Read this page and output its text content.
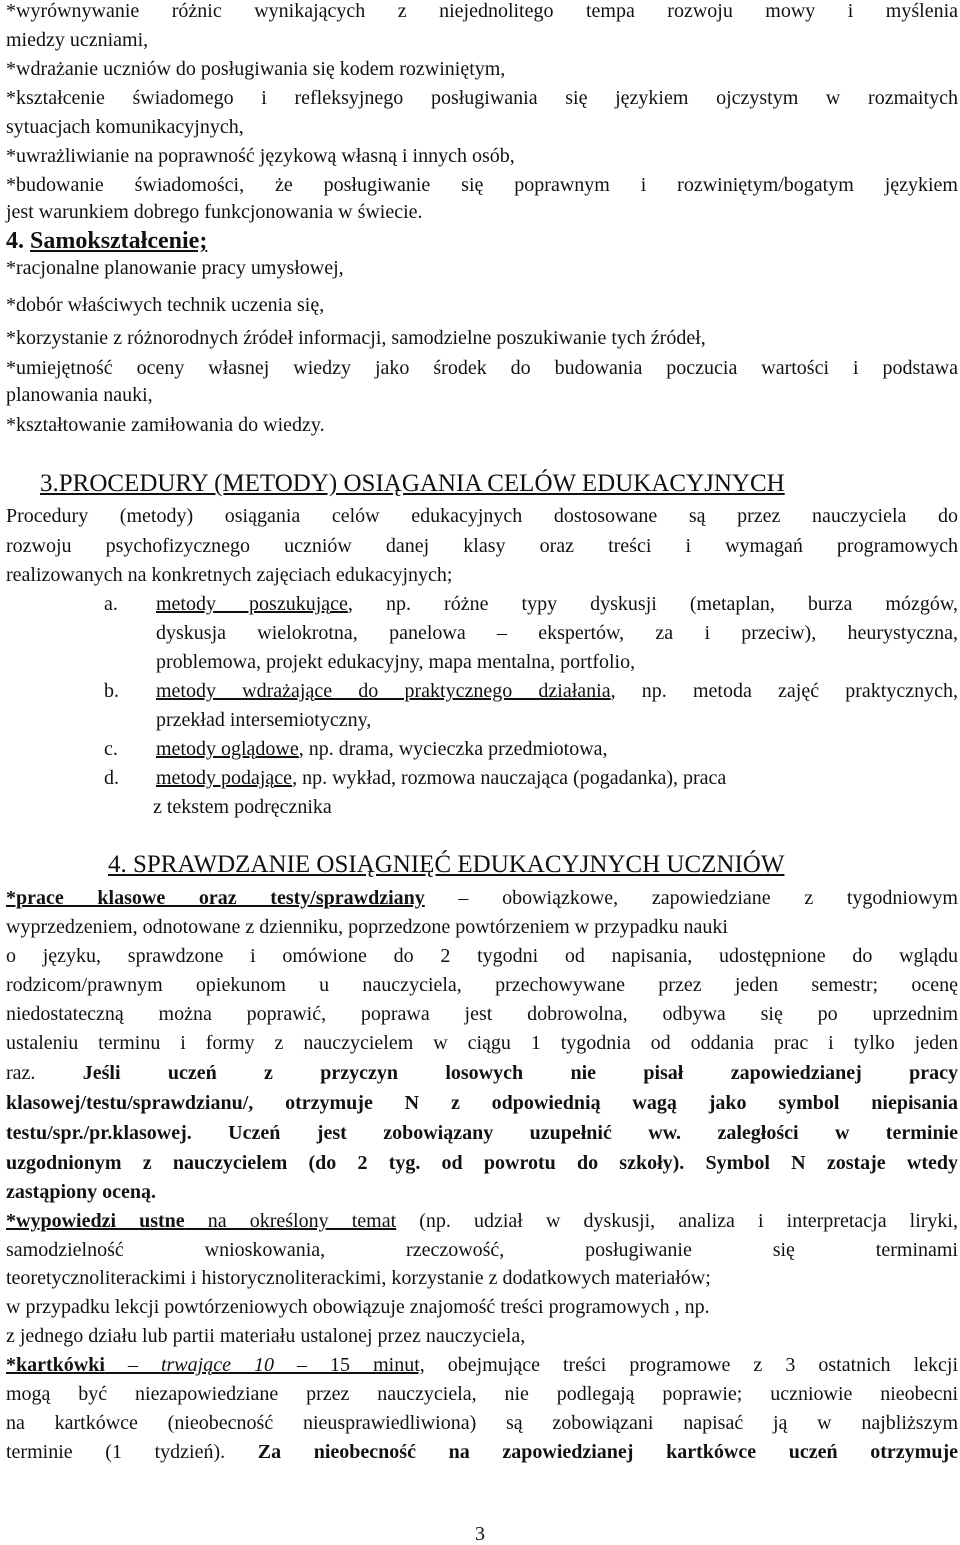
*wyrównywanie różnic wynikających z niejednolitego tempa rozwoju mowy i myślenia
miedzy uczniami,
*wdrażanie uczniów do posługiwania się kodem rozwiniętym,
*kształcenie świadomego i refleksyjnego posługiwania się językiem ojczystym w rozmaitych
sytuacjach komunikacyjnych,
*uwrażliwianie na poprawność językową własną i innych osób,
*budowanie świadomości, że posługiwanie się poprawnym i rozwiniętym/bogatym językiem
jest warunkiem dobrego funkcjonowania w świecie.
4. Samokształcenie;
*racjonalne planowanie pracy umysłowej,
*dobór właściwych technik uczenia się,
*korzystanie z różnorodnych źródeł informacji, samodzielne poszukiwanie tych źródeł,
*umiejętność oceny własnej wiedzy jako środek do budowania poczucia wartości i podstawa
planowania nauki,
*kształtowanie zamiłowania do wiedzy.
3.PROCEDURY (METODY) OSIĄGANIA CELÓW EDUKACYJNYCH
Procedury (metody) osiągania celów edukacyjnych dostosowane są przez nauczyciela do
rozwoju psychofizycznego uczniów danej klasy oraz treści i wymagań programowych
realizowanych na konkretnych zajęciach edukacyjnych;
a. metody poszukujące, np. różne typy dyskusji (metaplan, burza mózgów,
dyskusja wielokrotna, panelowa – ekspertów, za i przeciw), heurystyczna,
problemowa, projekt edukacyjny, mapa mentalna, portfolio,
b. metody wdrażające do praktycznego działania, np. metoda zajęć praktycznych,
przekład intersemiotyczny,
c. metody oglądowe, np. drama, wycieczka przedmiotowa,
d. metody podające, np. wykład, rozmowa nauczająca (pogadanka), praca
z tekstem podręcznika
4. SPRAWDZANIE OSIĄGNIĘĆ EDUKACYJNYCH UCZNIÓW
*prace klasowe oraz testy/sprawdziany – obowiązkowe, zapowiedziane z tygodniowym
wyprzedzeniem, odnotowane z dzienniku, poprzedzone powtórzeniem w przypadku nauki
o języku, sprawdzone i omówione do 2 tygodni od napisania, udostępnione do wglądu
rodzicom/prawnym opiekunom u nauczyciela, przechowywane przez jeden semestr; ocenę
niedostateczną można poprawić, poprawa jest dobrowolna, odbywa się po uprzednim
ustaleniu terminu i formy z nauczycielem w ciągu 1 tygodnia od oddania prac i tylko jeden
raz. Jeśli uczeń z przyczyn losowych nie pisał zapowiedzianej pracy
klasowej/testu/sprawdzianu/, otrzymuje N z odpowiednią wagą jako symbol niepisania
testu/spr./pr.klasowej. Uczeń jest zobowiązany uzupełnić ww. zaległości w terminie
uzgodnionym z nauczycielem (do 2 tyg. od powrotu do szkoły). Symbol N zostaje wtedy
zastąpiony oceną.
*wypowiedzi ustne na określony temat (np. udział w dyskusji, analiza i interpretacja liryki,
samodzielność wnioskowania, rzeczowość, posługiwanie się terminami
teoretycznoliterackimi i historycznoliterackimi, korzystanie z dodatkowych materiałów;
w przypadku lekcji powtórzeniowych obowiązuje znajomość treści programowych , np.
z jednego działu lub partii materiału ustalonej przez nauczyciela,
*kartkówki – trwające 10 – 15 minut, obejmujące treści programowe z 3 ostatnich lekcji
mogą być niezapowiedziane przez nauczyciela, nie podlegają poprawie; uczniowie nieobecni
na kartkówce (nieobecność nieusprawiedliwiona) są zobowiązani napisać ją w najbliższym
terminie (1 tydzień). Za nieobecność na zapowiedzianej kartkówce uczeń otrzymuje
3
